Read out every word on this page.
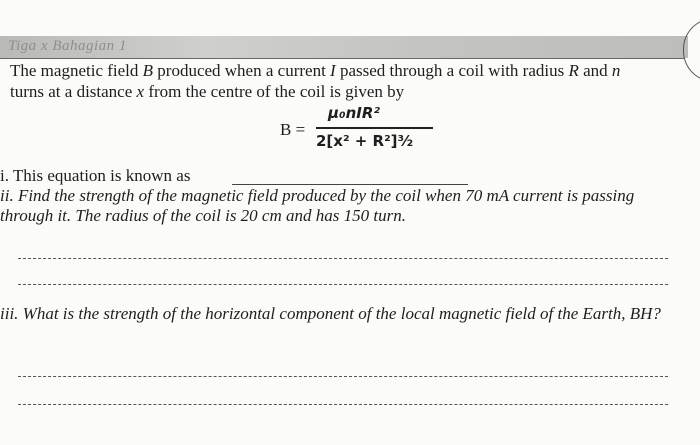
Tiga x Bahagian 1
The magnetic field B produced when a current I passed through a coil with radius R and n
turns at a distance x from the centre of the coil is given by
B =
μ₀nIR²
2[x² + R²]³⁄₂
i. This equation is known as
ii. Find the strength of the magnetic field produced by the coil when 70 mA current is passing through it. The radius of the coil is 20 cm and has 150 turn.
iii. What is the strength of the horizontal component of the local magnetic field of the Earth, BH?
